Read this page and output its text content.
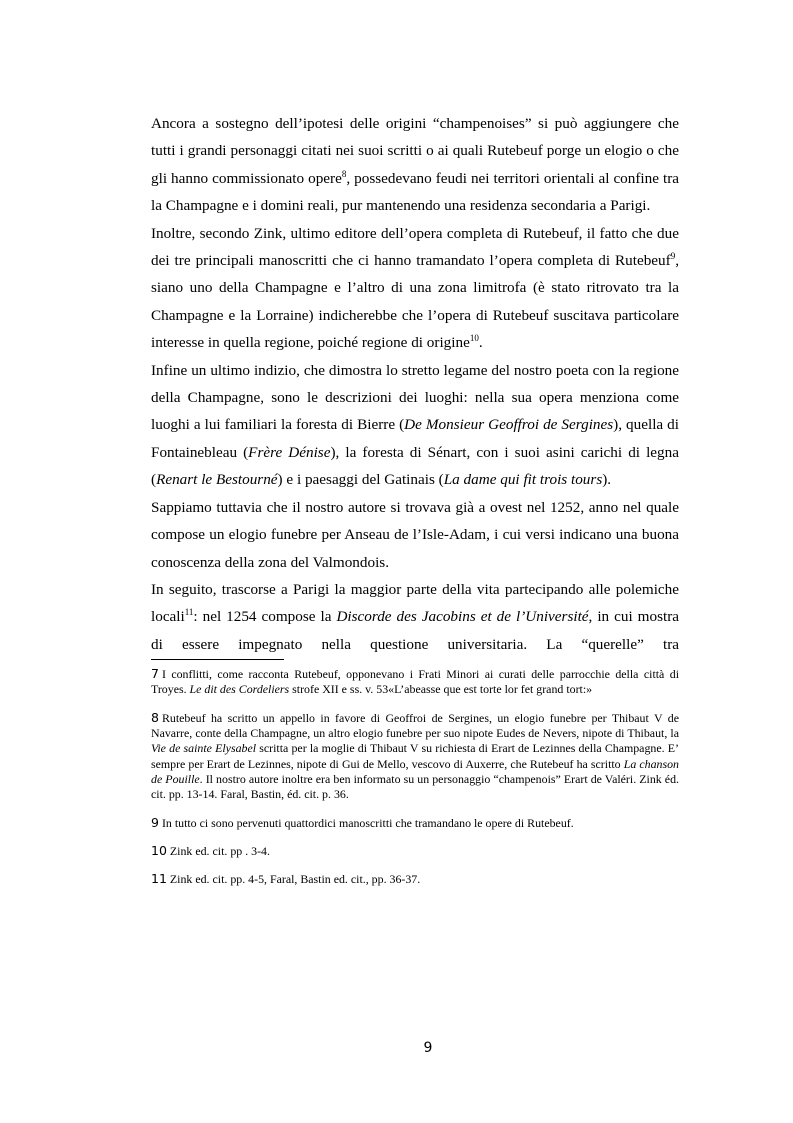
Ancora a sostegno dell’ipotesi delle origini “champenoises” si può aggiungere che tutti i grandi personaggi citati nei suoi scritti o ai quali Rutebeuf porge un elogio o che gli hanno commissionato opere$^8$, possedevano feudi nei territori orientali al confine tra la Champagne e i domini reali, pur mantenendo una residenza secondaria a Parigi.

Inoltre, secondo Zink, ultimo editore dell’opera completa di Rutebeuf, il fatto che due dei tre principali manoscritti che ci hanno tramandato l’opera completa di Rutebeuf$^9$, siano uno della Champagne e l’altro di una zona limitrofa (è stato ritrovato tra la Champagne e la Lorraine) indicherebbe che l’opera di Rutebeuf suscitava particolare interesse in quella regione, poiché regione di origine$^{10}$.

Infine un ultimo indizio, che dimostra lo stretto legame del nostro poeta con la regione della Champagne, sono le descrizioni dei luoghi: nella sua opera menziona come luoghi a lui familiari la foresta di Bierre (De Monsieur Geoffroi de Sergines), quella di Fontainebleau (Frère Dénise), la foresta di Sénart, con i suoi asini carichi di legna (Renart le Bestourné) e i paesaggi del Gatinais (La dame qui fit trois tours).

Sappiamo tuttavia che il nostro autore si trovava già a ovest nel 1252, anno nel quale compose un elogio funebre per Anseau de l’Isle-Adam, i cui versi indicano una buona conoscenza della zona del Valmondois.

In seguito, trascorse a Parigi la maggior parte della vita partecipando alle polemiche locali$^{11}$: nel 1254 compose la Discorde des Jacobins et de l’Université, in cui mostra di essere impegnato nella questione universitaria. La “querelle” tra

7 I conflitti, come racconta Rutebeuf, opponevano i Frati Minori ai curati delle parrocchie della città di Troyes. Le dit des Cordeliers strofe XII e ss. v. 53«L’abeasse que est torte lor fet grand tort:»

8 Rutebeuf ha scritto un appello in favore di Geoffroi de Sergines, un elogio funebre per Thibaut V de Navarre, conte della Champagne, un altro elogio funebre per suo nipote Eudes de Nevers, nipote di Thibaut, la Vie de sainte Elysabel scritta per la moglie di Thibaut V su richiesta di Erart de Lezinnes della Champagne. E’ sempre per Erart de Lezinnes, nipote di Gui de Mello, vescovo di Auxerre, che Rutebeuf ha scritto La chanson de Pouille. Il nostro autore inoltre era ben informato su un personaggio “champenois” Erart de Valéri. Zink éd. cit. pp. 13-14. Faral, Bastin, éd. cit. p. 36.

9 In tutto ci sono pervenuti quattordici manoscritti che tramandano le opere di Rutebeuf.

10 Zink ed. cit. pp . 3-4.

11 Zink ed. cit. pp. 4-5, Faral, Bastin ed. cit., pp. 36-37.

9
